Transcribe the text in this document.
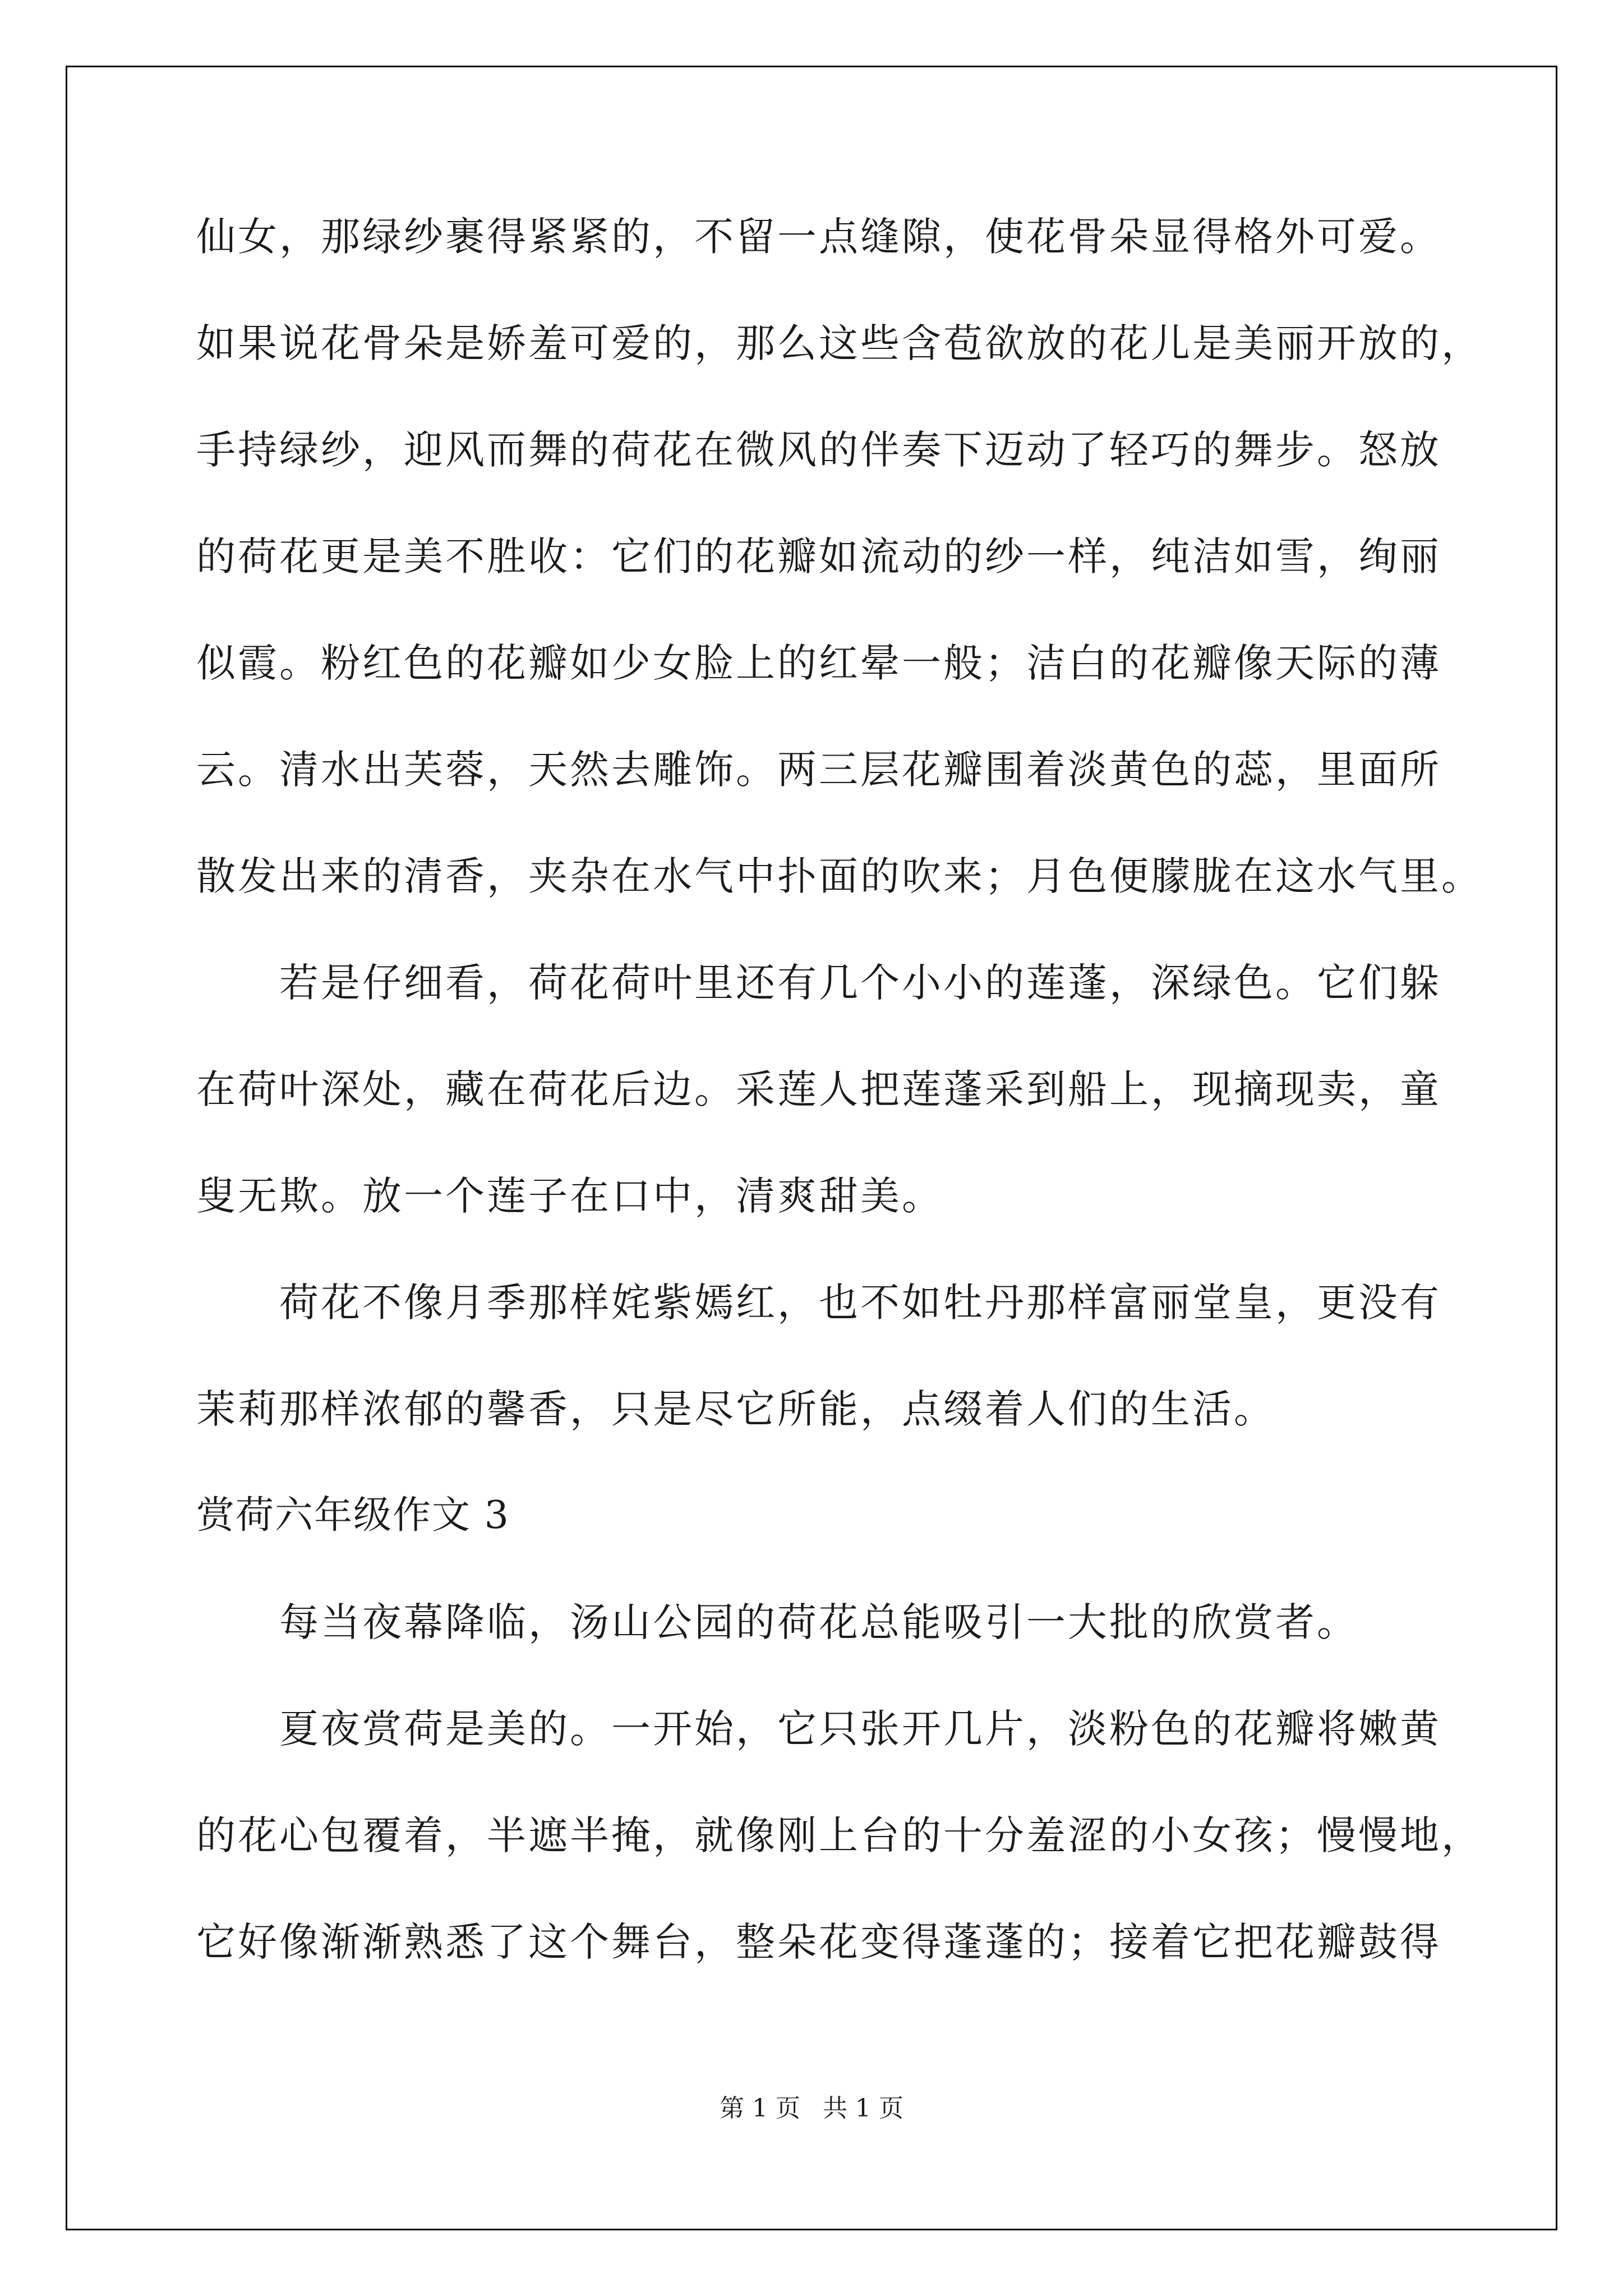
仙女，那绿纱裹得紧紧的，不留一点缝隙，使花骨朵显得格外可爱。
如果说花骨朵是娇羞可爱的，那么这些含苞欲放的花儿是美丽开放的，
手持绿纱，迎风而舞的荷花在微风的伴奏下迈动了轻巧的舞步。怒放
的荷花更是美不胜收：它们的花瓣如流动的纱一样，纯洁如雪，绚丽
似霞。粉红色的花瓣如少女脸上的红晕一般；洁白的花瓣像天际的薄
云。清水出芙蓉，天然去雕饰。两三层花瓣围着淡黄色的蕊，里面所
散发出来的清香，夹杂在水气中扑面的吹来；月色便朦胧在这水气里。
若是仔细看，荷花荷叶里还有几个小小的莲蓬，深绿色。它们躲
在荷叶深处，藏在荷花后边。采莲人把莲蓬采到船上，现摘现卖，童
叟无欺。放一个莲子在口中，清爽甜美。
荷花不像月季那样姹紫嫣红，也不如牡丹那样富丽堂皇，更没有
茉莉那样浓郁的馨香，只是尽它所能，点缀着人们的生活。
赏荷六年级作文 3
每当夜幕降临，汤山公园的荷花总能吸引一大批的欣赏者。
夏夜赏荷是美的。一开始，它只张开几片，淡粉色的花瓣将嫩黄
的花心包覆着，半遮半掩，就像刚上台的十分羞涩的小女孩；慢慢地，
它好像渐渐熟悉了这个舞台，整朵花变得蓬蓬的；接着它把花瓣鼓得
第 1 页 共 1 页
